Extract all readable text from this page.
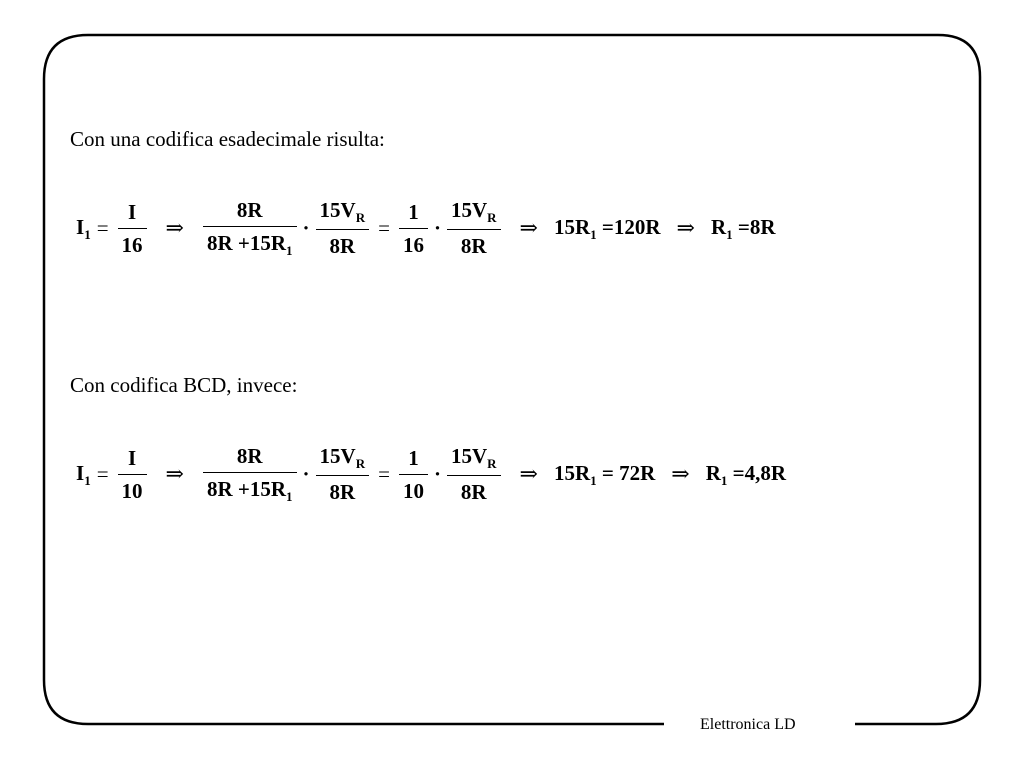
Con una codifica esadecimale risulta:
$I_1 = \frac{I}{16}$ ⇒ $\frac{8R}{8R +15R_1} \cdot \frac{15V_R}{8R} = \frac{1}{16} \cdot \frac{15V_R}{8R}$ ⇒ $15R_1 =120R$ ⇒ $R_1 =8R$
Con codifica BCD, invece:
$I_1 = \frac{I}{10}$ ⇒ $\frac{8R}{8R +15R_1} \cdot \frac{15V_R}{8R} = \frac{1}{10} \cdot \frac{15V_R}{8R}$ ⇒ $15R_1 = 72R$ ⇒ $R_1 =4,8R$
Elettronica LD
